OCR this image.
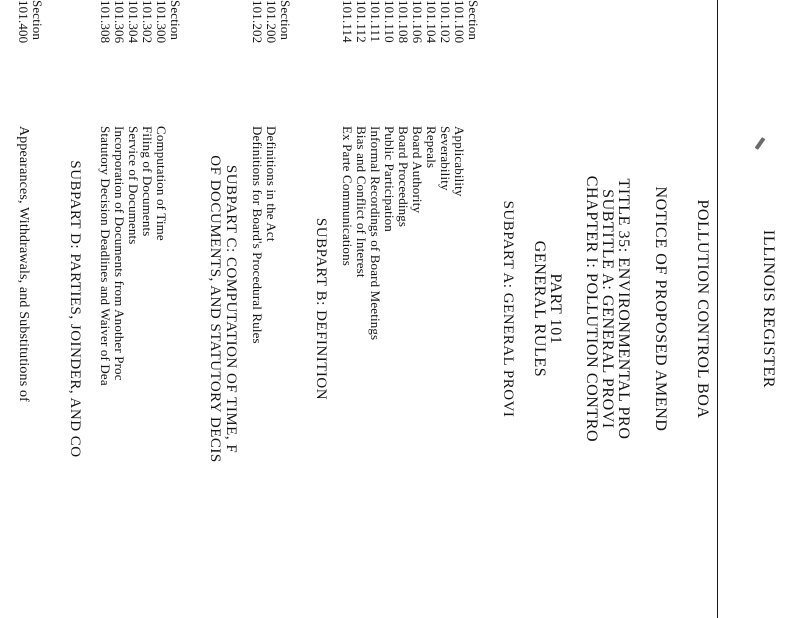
ILLINOIS REGISTER
POLLUTION CONTROL BOA
NOTICE OF PROPOSED AMEND
TITLE 35: ENVIRONMENTAL PRO
SUBTITLE A: GENERAL PROVI
CHAPTER I: POLLUTION CONTRO
PART 101
GENERAL RULES
SUBPART A: GENERAL PROVI
Section
101.100
Applicability
101.102
Severability
101.104
Repeals
101.106
Board Authority
101.108
Board Proceedings
101.110
Public Participation
101.111
Informal Recordings of Board Meetings
101.112
Bias and Conflict of Interest
101.114
Ex Parte Communications
SUBPART B: DEFINITION
Section
101.200
Definitions in the Act
101.202
Definitions for Board's Procedural Rules
SUBPART C: COMPUTATION OF TIME, F
OF DOCUMENTS, AND STATUTORY DECIS
Section
101.300
Computation of Time
101.302
Filing of Documents
101.304
Service of Documents
101.306
Incorporation of Documents from Another Proc
101.308
Statutory Decision Deadlines and Waiver of Dea
SUBPART D: PARTIES, JOINDER, AND CO
Section
101.400
Appearances, Withdrawals, and Substitutions of
